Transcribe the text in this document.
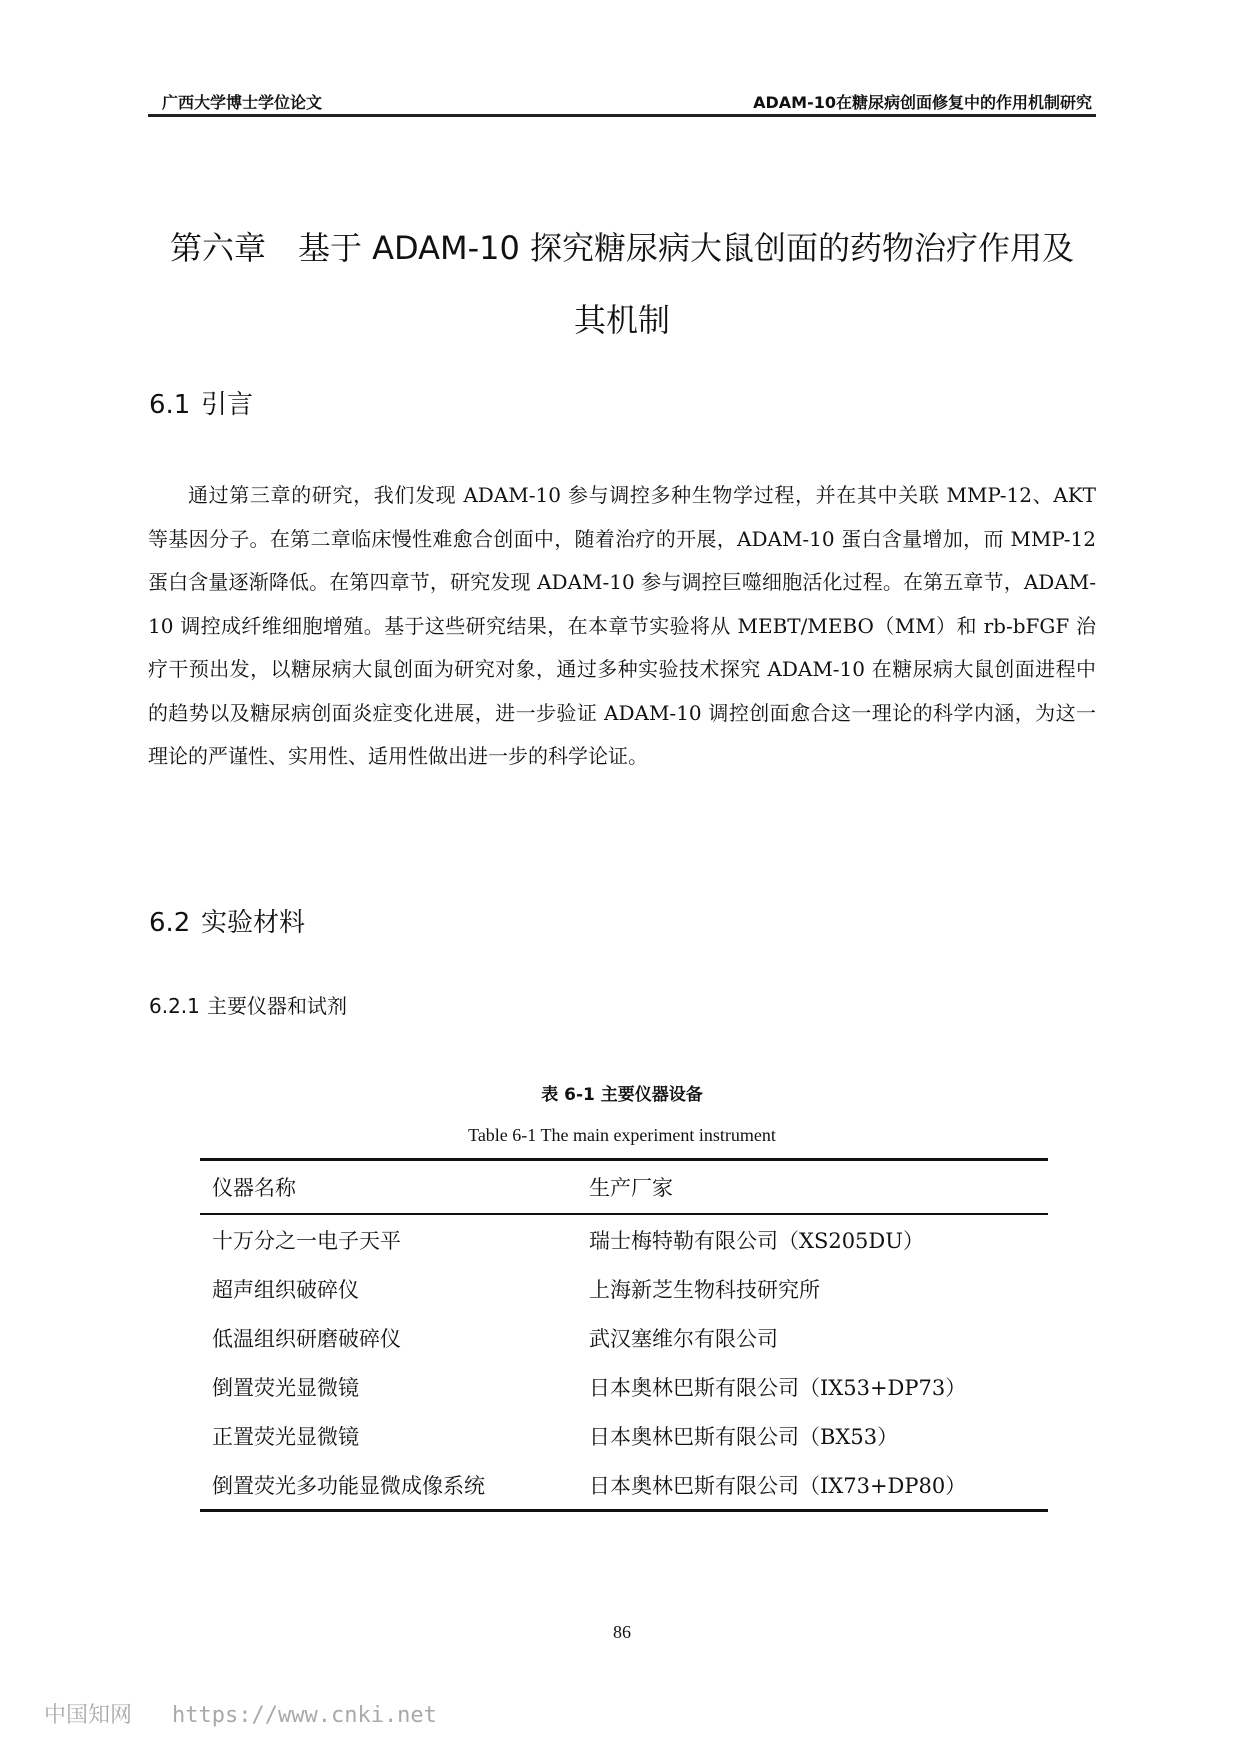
广西大学博士学位论文	ADAM-10在糖尿病创面修复中的作用机制研究
第六章　基于 ADAM-10 探究糖尿病大鼠创面的药物治疗作用及
其机制
6.1 引言

通过第三章的研究，我们发现 ADAM-10 参与调控多种生物学过程，并在其中关联 MMP-12、AKT 等基因分子。在第二章临床慢性难愈合创面中，随着治疗的开展，ADAM-10 蛋白含量增加，而 MMP-12 蛋白含量逐渐降低。在第四章节，研究发现 ADAM-10 参与调控巨噬细胞活化过程。在第五章节，ADAM-10 调控成纤维细胞增殖。基于这些研究结果，在本章节实验将从 MEBT/MEBO（MM）和 rb-bFGF 治疗干预出发，以糖尿病大鼠创面为研究对象，通过多种实验技术探究 ADAM-10 在糖尿病大鼠创面进程中的趋势以及糖尿病创面炎症变化进展，进一步验证 ADAM-10 调控创面愈合这一理论的科学内涵，为这一理论的严谨性、实用性、适用性做出进一步的科学论证。

6.2 实验材料
6.2.1 主要仪器和试剂
表 6-1 主要仪器设备
Table 6-1 The main experiment instrument
仪器名称	生产厂家
十万分之一电子天平	瑞士梅特勒有限公司（XS205DU）
超声组织破碎仪	上海新芝生物科技研究所
低温组织研磨破碎仪	武汉塞维尔有限公司
倒置荧光显微镜	日本奥林巴斯有限公司（IX53+DP73）
正置荧光显微镜	日本奥林巴斯有限公司（BX53）
倒置荧光多功能显微成像系统	日本奥林巴斯有限公司（IX73+DP80）
86
中国知网 https://www.cnki.net
